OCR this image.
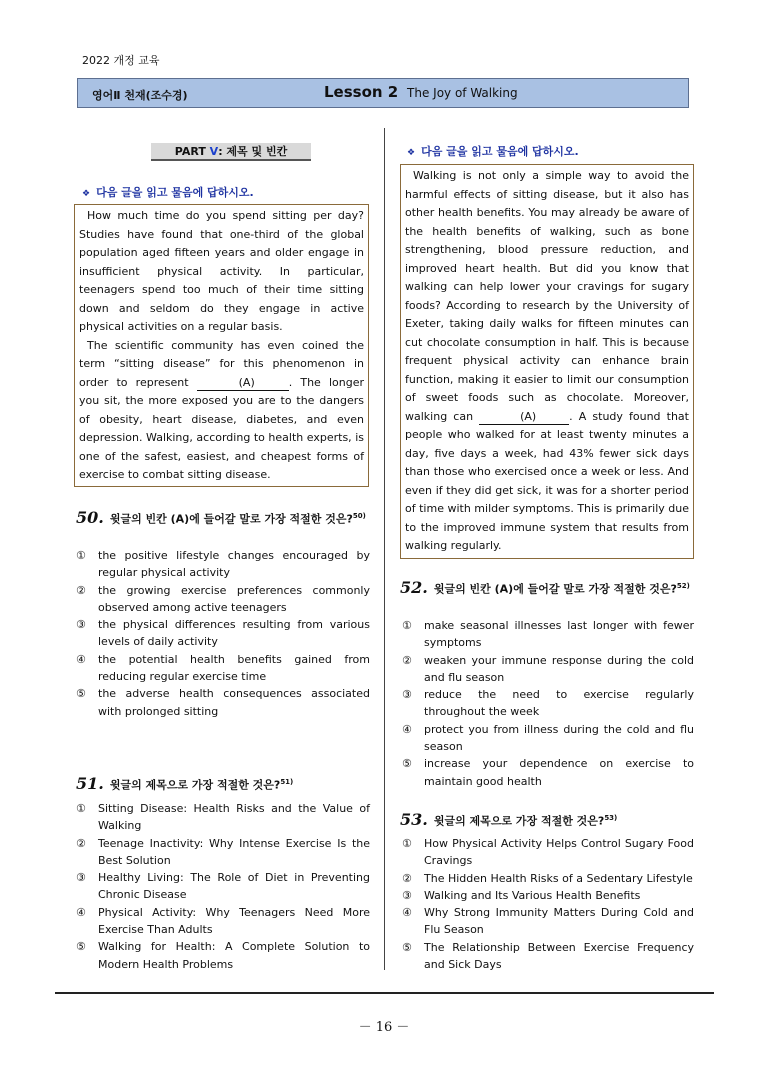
2022 개정 교육
영어Ⅱ 천재(조수경)	Lesson 2 The Joy of Walking
PART Ⅴ: 제목 및 빈칸
❖ 다음 글을 읽고 물음에 답하시오.

How much time do you spend sitting per day? Studies have found that one-third of the global population aged fifteen years and older engage in insufficient physical activity. In particular, teenagers spend too much of their time sitting down and seldom do they engage in active physical activities on a regular basis.

The scientific community has even coined the term “sitting disease” for this phenomenon in order to represent	(A)	. The longer you sit, the more exposed you are to the dangers of obesity, heart disease, diabetes, and even depression. Walking, according to health experts, is one of the safest, easiest, and cheapest forms of exercise to combat sitting disease.

50. 윗글의 빈칸 (A)에 들어갈 말로 가장 적절한 것은?$^{50)}$
① the positive lifestyle changes encouraged by regular physical activity
② the growing exercise preferences commonly observed among active teenagers
③ the physical differences resulting from various levels of daily activity
④ the potential health benefits gained from reducing regular exercise time
⑤ the adverse health consequences associated with prolonged sitting
51. 윗글의 제목으로 가장 적절한 것은?$^{51)}$
① Sitting Disease: Health Risks and the Value of Walking
② Teenage Inactivity: Why Intense Exercise Is the Best Solution
③ Healthy Living: The Role of Diet in Preventing Chronic Disease
④ Physical Activity: Why Teenagers Need More Exercise Than Adults
⑤ Walking for Health: A Complete Solution to Modern Health Problems
❖ 다음 글을 읽고 물음에 답하시오.

Walking is not only a simple way to avoid the harmful effects of sitting disease, but it also has other health benefits. You may already be aware of the health benefits of walking, such as bone strengthening, blood pressure reduction, and improved heart health. But did you know that walking can help lower your cravings for sugary foods? According to research by the University of Exeter, taking daily walks for fifteen minutes can cut chocolate consumption in half. This is because frequent physical activity can enhance brain function, making it easier to limit our consumption of sweet foods such as chocolate. Moreover, walking can	(A)	. A study found that people who walked for at least twenty minutes a day, five days a week, had 43% fewer sick days than those who exercised once a week or less. And even if they did get sick, it was for a shorter period of time with milder symptoms. This is primarily due to the improved immune system that results from walking regularly.

52. 윗글의 빈칸 (A)에 들어갈 말로 가장 적절한 것은?$^{52)}$
① make seasonal illnesses last longer with fewer symptoms
② weaken your immune response during the cold and flu season
③ reduce the need to exercise regularly throughout the week
④ protect you from illness during the cold and flu season
⑤ increase your dependence on exercise to maintain good health
53. 윗글의 제목으로 가장 적절한 것은?$^{53)}$
① How Physical Activity Helps Control Sugary Food Cravings
② The Hidden Health Risks of a Sedentary Lifestyle
③ Walking and Its Various Health Benefits
④ Why Strong Immunity Matters During Cold and Flu Season
⑤ The Relationship Between Exercise Frequency and Sick Days
－ 16 －
